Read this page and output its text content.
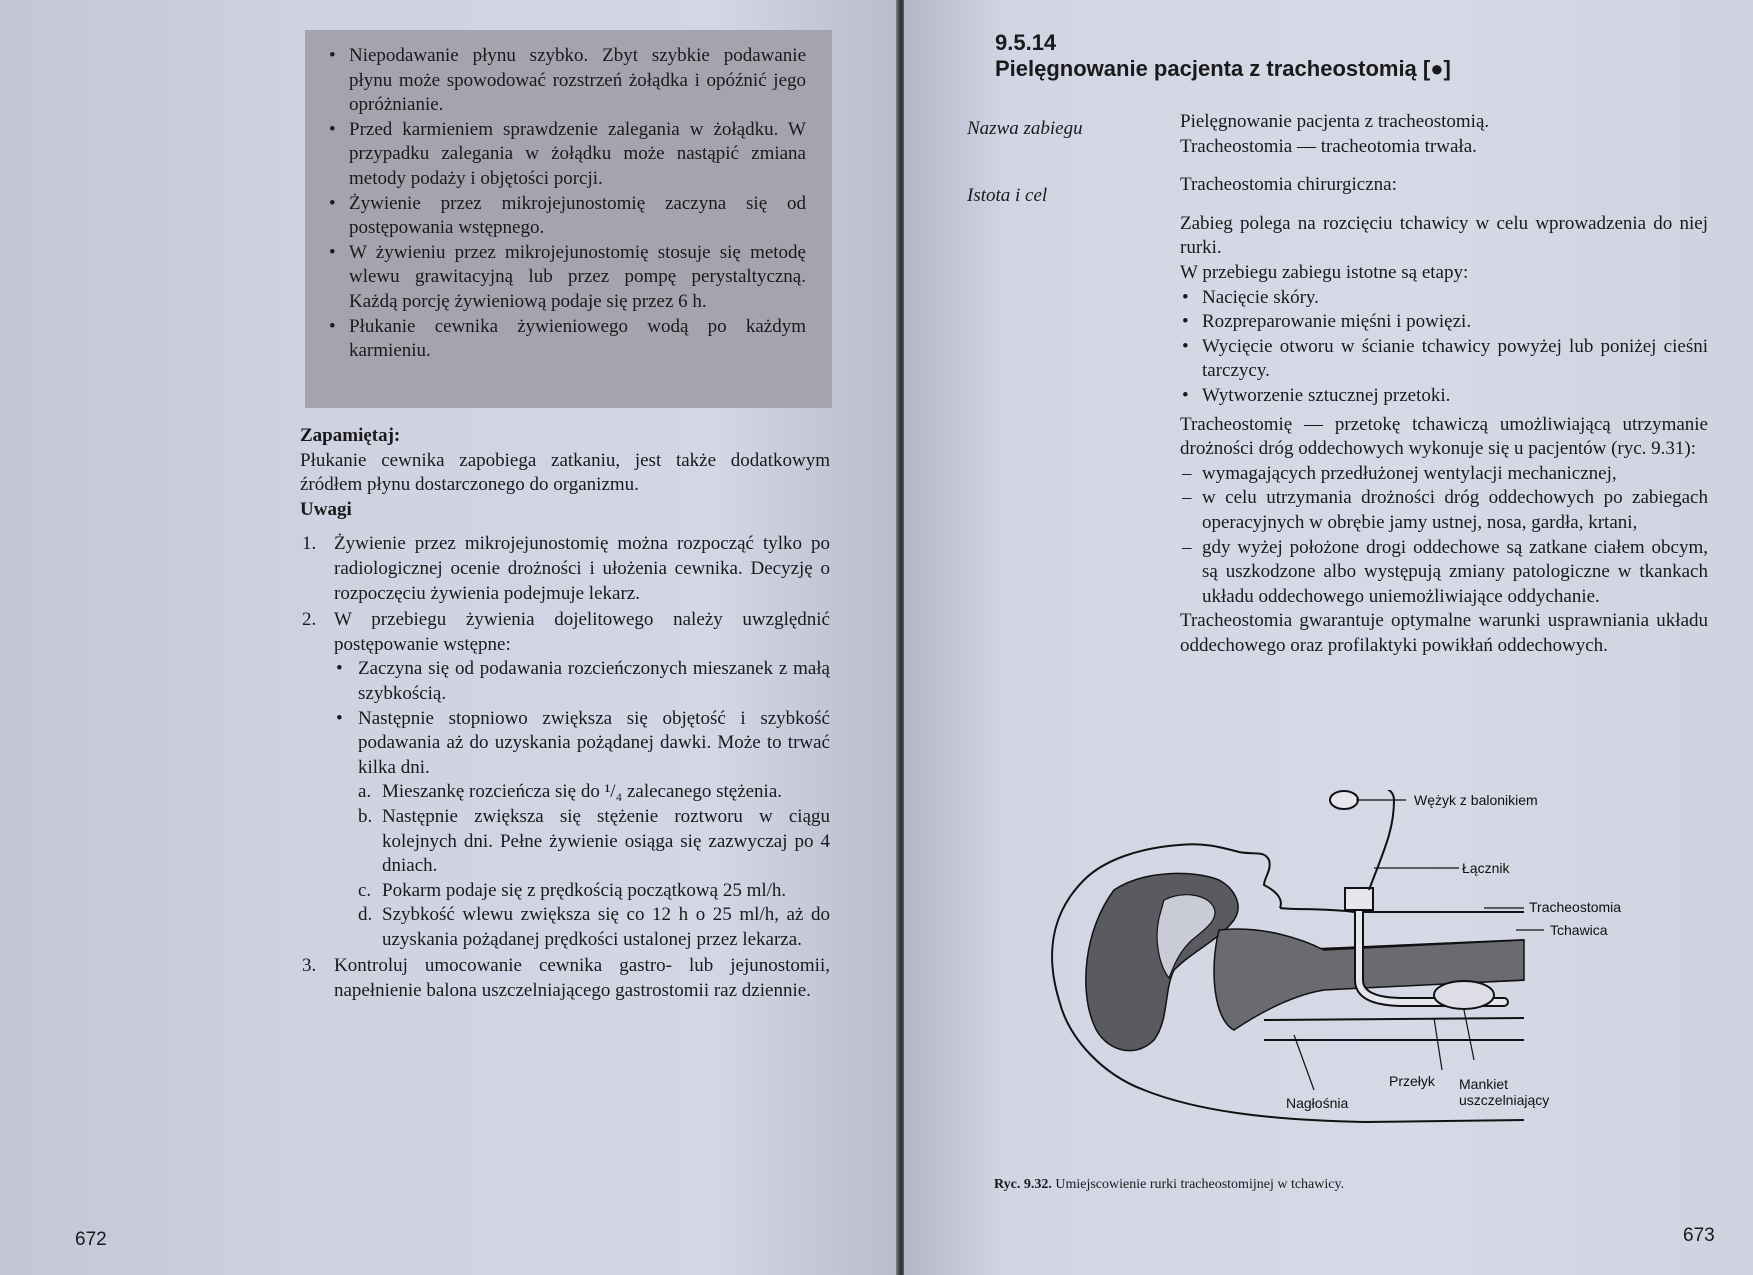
• Niepodawanie płynu szybko. Zbyt szybkie podawanie płynu może spowodować rozstrzeń żołądka i opóźnić jego opróżnianie.
• Przed karmieniem sprawdzenie zalegania w żołądku. W przypadku zalegania w żołądku może nastąpić zmiana metody podaży i objętości porcji.
• Żywienie przez mikrojejunostomię zaczyna się od postępowania wstępnego.
• W żywieniu przez mikrojejunostomię stosuje się metodę wlewu grawitacyjną lub przez pompę perystaltyczną. Każdą porcję żywieniową podaje się przez 6 h.
• Płukanie cewnika żywieniowego wodą po każdym karmieniu.

Zapamiętaj:

Płukanie cewnika zapobiega zatkaniu, jest także dodatkowym źródłem płynu dostarczonego do organizmu.

Uwagi

1. Żywienie przez mikrojejunostomię można rozpocząć tylko po radiologicznej ocenie drożności i ułożenia cewnika. Decyzję o rozpoczęciu żywienia podejmuje lekarz.
2. W przebiegu żywienia dojelitowego należy uwzględnić postępowanie wstępne:
• Zaczyna się od podawania rozcieńczonych mieszanek z małą szybkością.
• Następnie stopniowo zwiększa się objętość i szybkość podawania aż do uzyskania pożądanej dawki. Może to trwać kilka dni.
a. Mieszankę rozcieńcza się do ¹/₄ zalecanego stężenia.
b. Następnie zwiększa się stężenie roztworu w ciągu kolejnych dni. Pełne żywienie osiąga się zazwyczaj po 4 dniach.
c. Pokarm podaje się z prędkością początkową 25 ml/h.
d. Szybkość wlewu zwiększa się co 12 h o 25 ml/h, aż do uzyskania pożądanej prędkości ustalonej przez lekarza.
3. Kontroluj umocowanie cewnika gastro- lub jejunostomii, napełnienie balona uszczelniającego gastrostomii raz dziennie.
672
9.5.14
Pielęgnowanie pacjenta z tracheostomią [●]
Nazwa zabiegu
Istota i cel

Pielęgnowanie pacjenta z tracheostomią.

Tracheostomia — tracheotomia trwała.

Tracheostomia chirurgiczna:

Zabieg polega na rozcięciu tchawicy w celu wprowadzenia do niej rurki.

W przebiegu zabiegu istotne są etapy:

• Nacięcie skóry.
• Rozpreparowanie mięśni i powięzi.
• Wycięcie otworu w ścianie tchawicy powyżej lub poniżej cieśni tarczycy.
• Wytworzenie sztucznej przetoki.

Tracheostomię — przetokę tchawiczą umożliwiającą utrzymanie drożności dróg oddechowych wykonuje się u pacjentów (ryc. 9.31):

– wymagających przedłużonej wentylacji mechanicznej,
– w celu utrzymania drożności dróg oddechowych po zabiegach operacyjnych w obrębie jamy ustnej, nosa, gardła, krtani,
– gdy wyżej położone drogi oddechowe są zatkane ciałem obcym, są uszkodzone albo występują zmiany patologiczne w tkankach układu oddechowego uniemożliwiające oddychanie.

Tracheostomia gwarantuje optymalne warunki usprawniania układu oddechowego oraz profilaktyki powikłań oddechowych.

Wężyk z balonikiem
Łącznik
Tracheostomia
Tchawica
Przełyk Mankiet
uszczelniający
Nagłośnia
Ryc. 9.32. Umiejscowienie rurki tracheostomijnej w tchawicy.
673
